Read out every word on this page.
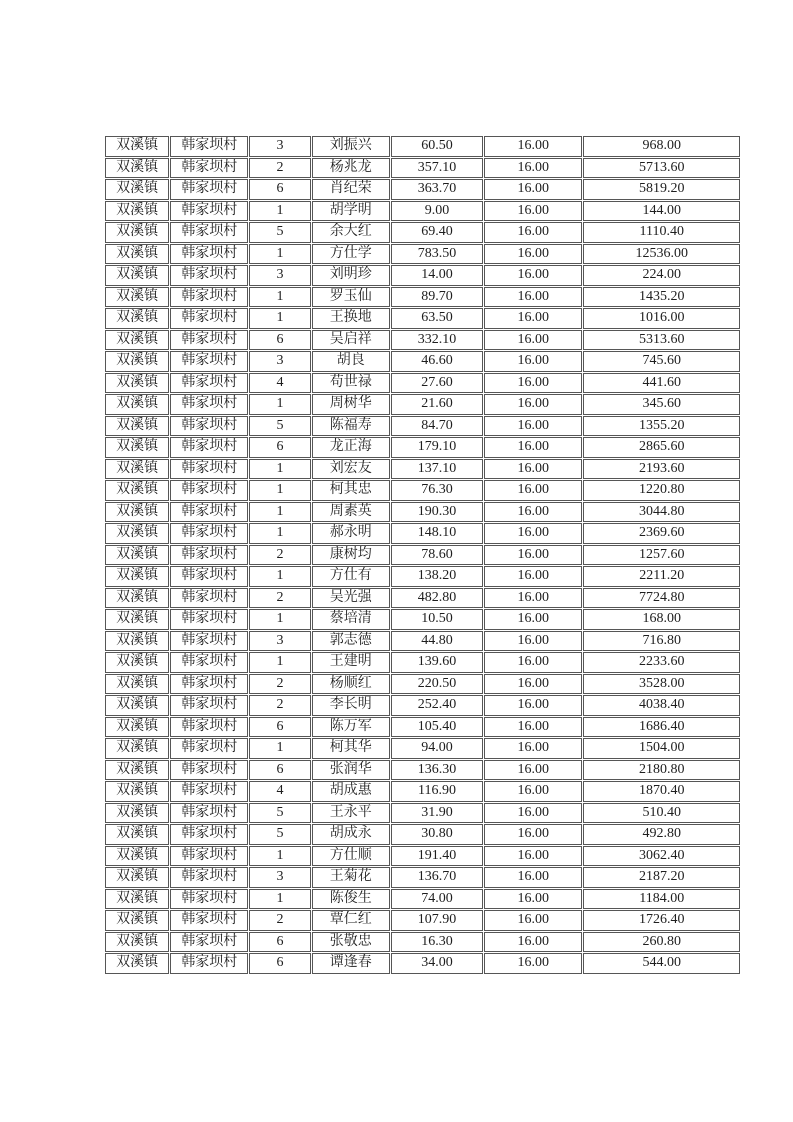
双溪镇	韩家坝村	3	刘振兴	60.50	16.00	968.00
双溪镇	韩家坝村	2	杨兆龙	357.10	16.00	5713.60
双溪镇	韩家坝村	6	肖纪荣	363.70	16.00	5819.20
双溪镇	韩家坝村	1	胡学明	9.00	16.00	144.00
双溪镇	韩家坝村	5	余大红	69.40	16.00	1110.40
双溪镇	韩家坝村	1	方仕学	783.50	16.00	12536.00
双溪镇	韩家坝村	3	刘明珍	14.00	16.00	224.00
双溪镇	韩家坝村	1	罗玉仙	89.70	16.00	1435.20
双溪镇	韩家坝村	1	王换地	63.50	16.00	1016.00
双溪镇	韩家坝村	6	吴启祥	332.10	16.00	5313.60
双溪镇	韩家坝村	3	胡良	46.60	16.00	745.60
双溪镇	韩家坝村	4	苟世禄	27.60	16.00	441.60
双溪镇	韩家坝村	1	周树华	21.60	16.00	345.60
双溪镇	韩家坝村	5	陈福寿	84.70	16.00	1355.20
双溪镇	韩家坝村	6	龙正海	179.10	16.00	2865.60
双溪镇	韩家坝村	1	刘宏友	137.10	16.00	2193.60
双溪镇	韩家坝村	1	柯其忠	76.30	16.00	1220.80
双溪镇	韩家坝村	1	周素英	190.30	16.00	3044.80
双溪镇	韩家坝村	1	郝永明	148.10	16.00	2369.60
双溪镇	韩家坝村	2	康树均	78.60	16.00	1257.60
双溪镇	韩家坝村	1	方仕有	138.20	16.00	2211.20
双溪镇	韩家坝村	2	吴光强	482.80	16.00	7724.80
双溪镇	韩家坝村	1	蔡培清	10.50	16.00	168.00
双溪镇	韩家坝村	3	郭志德	44.80	16.00	716.80
双溪镇	韩家坝村	1	王建明	139.60	16.00	2233.60
双溪镇	韩家坝村	2	杨顺红	220.50	16.00	3528.00
双溪镇	韩家坝村	2	李长明	252.40	16.00	4038.40
双溪镇	韩家坝村	6	陈万军	105.40	16.00	1686.40
双溪镇	韩家坝村	1	柯其华	94.00	16.00	1504.00
双溪镇	韩家坝村	6	张润华	136.30	16.00	2180.80
双溪镇	韩家坝村	4	胡成惠	116.90	16.00	1870.40
双溪镇	韩家坝村	5	王永平	31.90	16.00	510.40
双溪镇	韩家坝村	5	胡成永	30.80	16.00	492.80
双溪镇	韩家坝村	1	方仕顺	191.40	16.00	3062.40
双溪镇	韩家坝村	3	王菊花	136.70	16.00	2187.20
双溪镇	韩家坝村	1	陈俊生	74.00	16.00	1184.00
双溪镇	韩家坝村	2	覃仁红	107.90	16.00	1726.40
双溪镇	韩家坝村	6	张敬忠	16.30	16.00	260.80
双溪镇	韩家坝村	6	谭逢春	34.00	16.00	544.00
